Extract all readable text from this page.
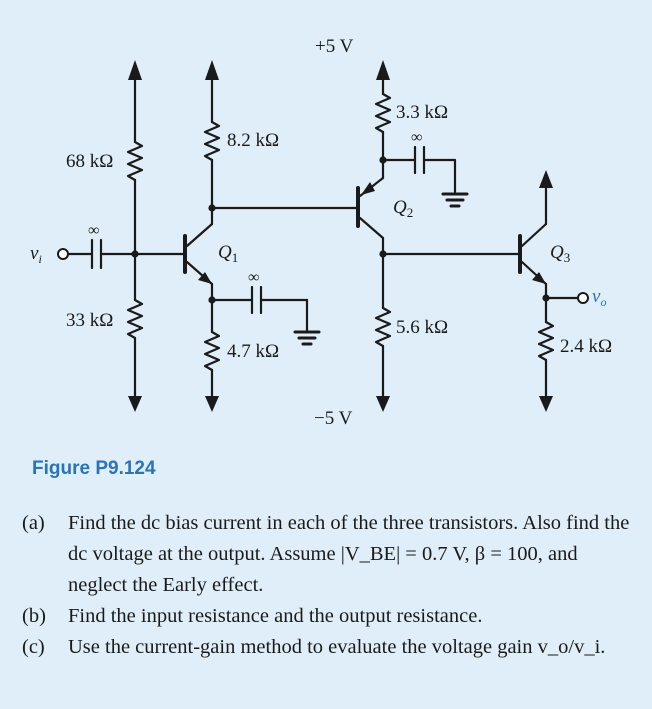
+5 V
−5 V
68 kΩ
33 kΩ
8.2 kΩ
4.7 kΩ
3.3 kΩ
5.6 kΩ
2.4 kΩ
∞
∞
∞
$Q_1$
$Q_2$
$Q_3$
$v_i$
$v_o$
Figure P9.124
(a) Find the dc bias current in each of the three transistors. Also find the dc voltage at the output. Assume |V_BE| = 0.7 V, β = 100, and neglect the Early effect.
(b) Find the input resistance and the output resistance.
(c) Use the current-gain method to evaluate the voltage gain v_o/v_i.
